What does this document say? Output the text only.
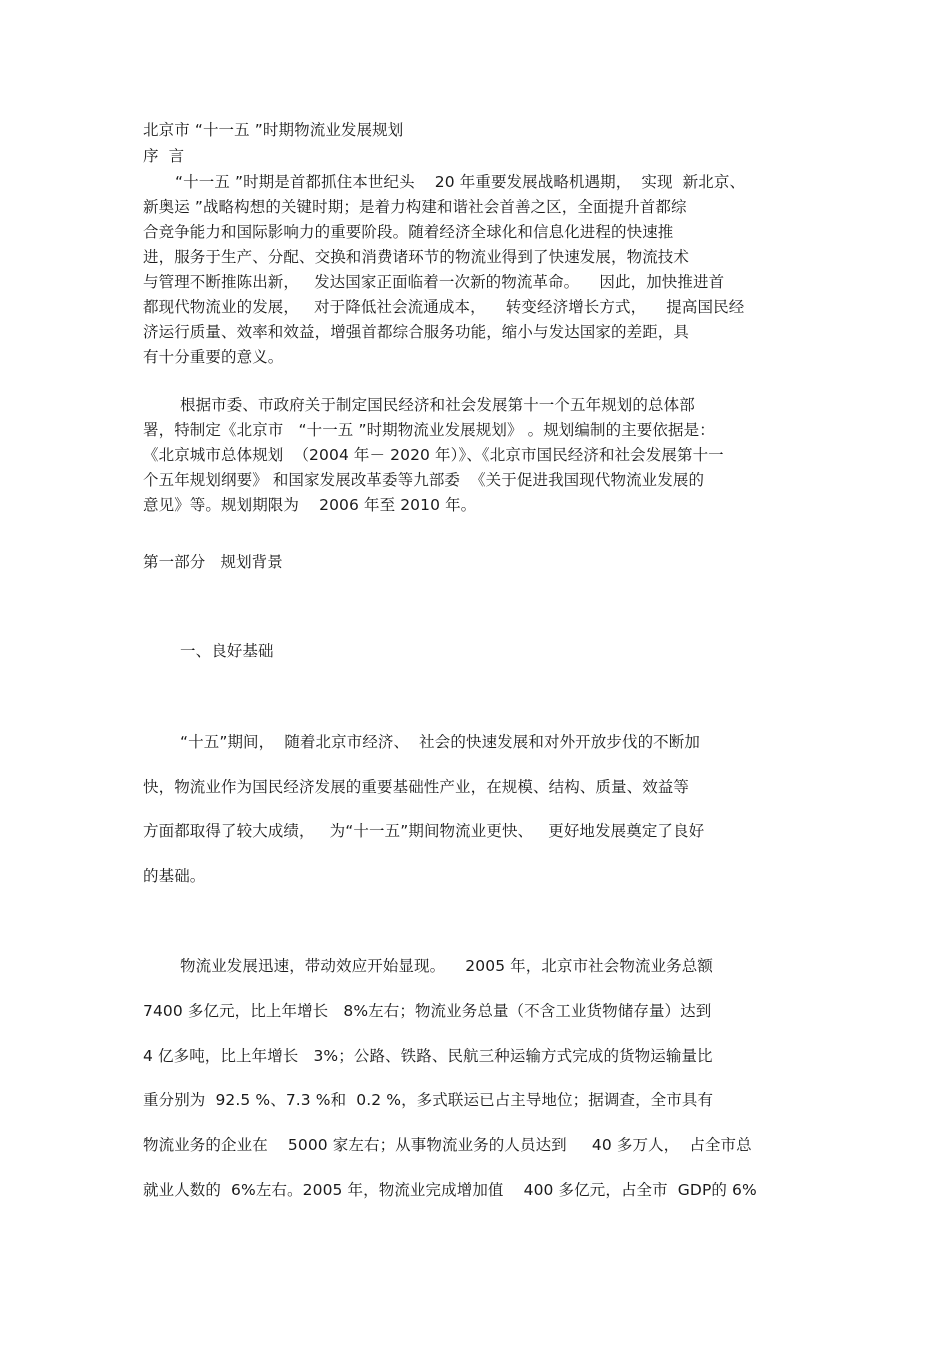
北京市 “十一五 ”时期物流业发展规划
序  言
“十一五 ”时期是首都抓住本世纪头    20 年重要发展战略机遇期，  实现  新北京、
新奥运 ”战略构想的关键时期；是着力构建和谐社会首善之区，全面提升首都综
合竞争能力和国际影响力的重要阶段。随着经济全球化和信息化进程的快速推
进，服务于生产、分配、交换和消费诸环节的物流业得到了快速发展，物流技术
与管理不断推陈出新，   发达国家正面临着一次新的物流革命。    因此，加快推进首
都现代物流业的发展，   对于降低社会流通成本，    转变经济增长方式，    提高国民经
济运行质量、效率和效益，增强首都综合服务功能，缩小与发达国家的差距，具
有十分重要的意义。
根据市委、市政府关于制定国民经济和社会发展第十一个五年规划的总体部
署，特制定《北京市   “十一五 ”时期物流业发展规划》 。规划编制的主要依据是：
《北京城市总体规划  （2004 年－ 2020 年）》、《北京市国民经济和社会发展第十一
个五年规划纲要》 和国家发展改革委等九部委  《关于促进我国现代物流业发展的
意见》等。规划期限为    2006 年至 2010 年。
第一部分   规划背景
一、良好基础
“十五”期间，  随着北京市经济、  社会的快速发展和对外开放步伐的不断加
快，物流业作为国民经济发展的重要基础性产业，在规模、结构、质量、效益等
方面都取得了较大成绩，   为“十一五”期间物流业更快、   更好地发展奠定了良好
的基础。
物流业发展迅速，带动效应开始显现。    2005 年，北京市社会物流业务总额
7400 多亿元，比上年增长   8%左右；物流业务总量（不含工业货物储存量）达到
4 亿多吨，比上年增长   3%；公路、铁路、民航三种运输方式完成的货物运输量比
重分别为  92.5 %、7.3 %和  0.2 %，多式联运已占主导地位；据调查，全市具有
物流业务的企业在    5000 家左右；从事物流业务的人员达到     40 多万人，  占全市总
就业人数的  6%左右。2005 年，物流业完成增加值    400 多亿元，占全市  GDP的 6%
